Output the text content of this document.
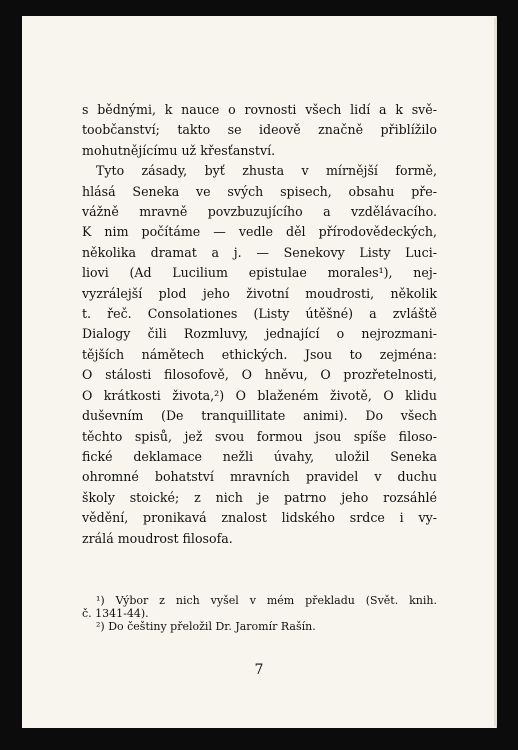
s bědnými, k nauce o rovnosti všech lidí a k svě-
toobčanství; takto se ideově značně přiblížilo
mohutnějícímu už křesťanství.
Tyto zásady, byť zhusta v mírnější formě,
hlásá Seneka ve svých spisech, obsahu pře-
vážně mravně povzbuzujícího a vzdělávacího.
K nim počítáme — vedle děl přírodovědeckých,
několika dramat a j. — Senekovy Listy Luci-
liovi (Ad Lucilium epistulae morales¹), nej-
vyzrálejší plod jeho životní moudrosti, několik
t. řeč. Consolationes (Listy útěšné) a zvláště
Dialogy čili Rozmluvy, jednající o nejrozmani-
tějších námětech ethických. Jsou to zejména:
O stálosti filosofově, O hněvu, O prozřetelnosti,
O krátkosti života,²) O blaženém životě, O klidu
duševním (De tranquillitate animi). Do všech
těchto spisů, jež svou formou jsou spíše filoso-
fické deklamace nežli úvahy, uložil Seneka
ohromné bohatství mravních pravidel v duchu
školy stoické; z nich je patrno jeho rozsáhlé
vědění, pronikavá znalost lidského srdce i vy-
zrálá moudrost filosofa.
¹) Výbor z nich vyšel v mém překladu (Svět. knih.
č. 1341-44).
²) Do češtiny přeložil Dr. Jaromír Rašín.
7
